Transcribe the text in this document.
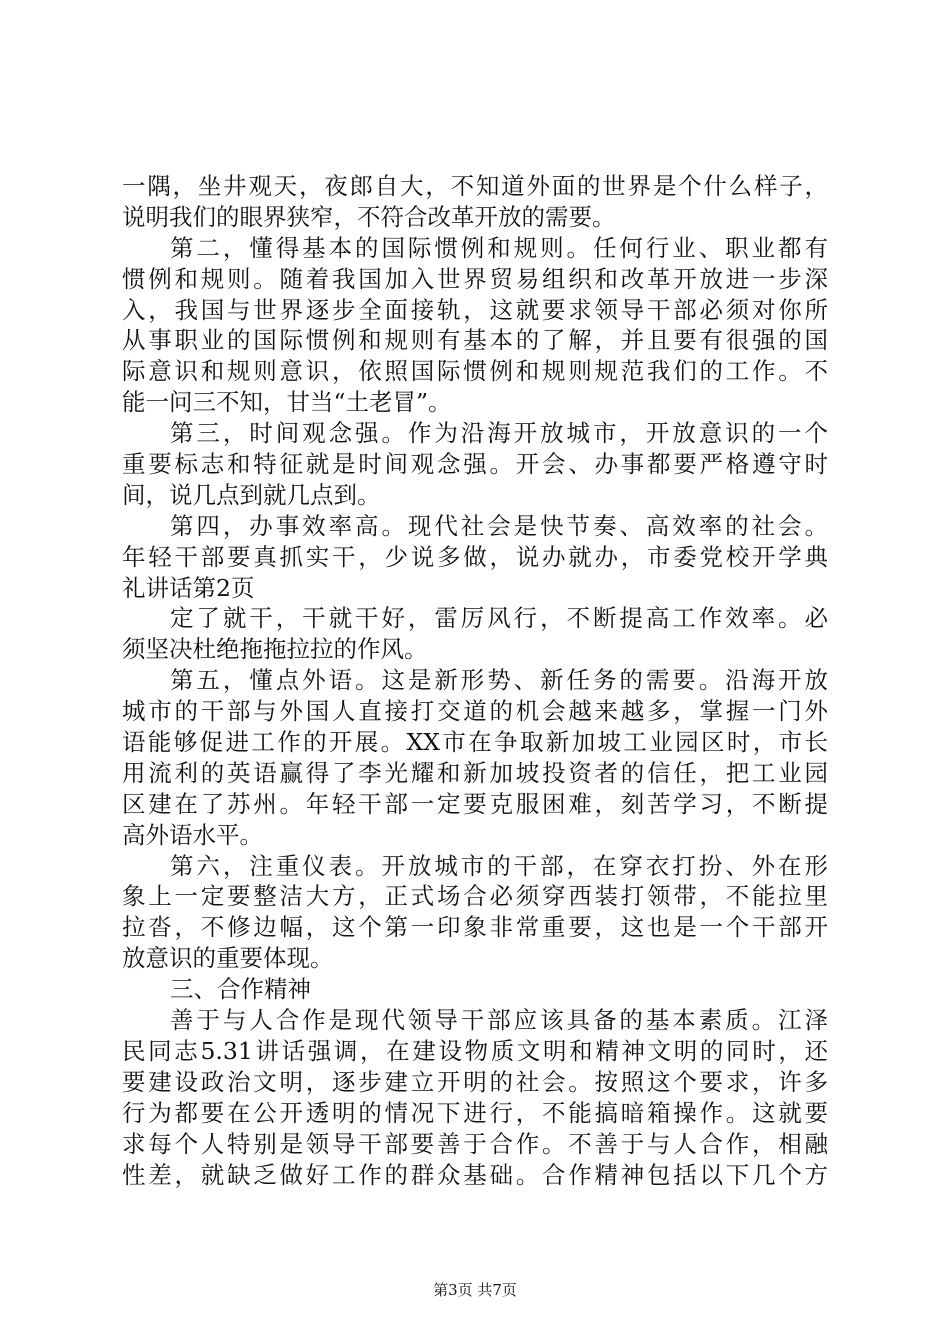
一隅，坐井观天，夜郎自大，不知道外面的世界是个什么样子，
说明我们的眼界狭窄，不符合改革开放的需要。
第二，懂得基本的国际惯例和规则。任何行业、职业都有
惯例和规则。随着我国加入世界贸易组织和改革开放进一步深
入，我国与世界逐步全面接轨，这就要求领导干部必须对你所
从事职业的国际惯例和规则有基本的了解，并且要有很强的国
际意识和规则意识，依照国际惯例和规则规范我们的工作。不
能一问三不知，甘当“土老冒”。
第三，时间观念强。作为沿海开放城市，开放意识的一个
重要标志和特征就是时间观念强。开会、办事都要严格遵守时
间，说几点到就几点到。
第四，办事效率高。现代社会是快节奏、高效率的社会。
年轻干部要真抓实干，少说多做，说办就办，市委党校开学典
礼讲话第2页
定了就干，干就干好，雷厉风行，不断提高工作效率。必
须坚决杜绝拖拖拉拉的作风。
第五，懂点外语。这是新形势、新任务的需要。沿海开放
城市的干部与外国人直接打交道的机会越来越多，掌握一门外
语能够促进工作的开展。XX市在争取新加坡工业园区时，市长
用流利的英语赢得了李光耀和新加坡投资者的信任，把工业园
区建在了苏州。年轻干部一定要克服困难，刻苦学习，不断提
高外语水平。
第六，注重仪表。开放城市的干部，在穿衣打扮、外在形
象上一定要整洁大方，正式场合必须穿西装打领带，不能拉里
拉沓，不修边幅，这个第一印象非常重要，这也是一个干部开
放意识的重要体现。
三、合作精神
善于与人合作是现代领导干部应该具备的基本素质。江泽
民同志5.31讲话强调，在建设物质文明和精神文明的同时，还
要建设政治文明，逐步建立开明的社会。按照这个要求，许多
行为都要在公开透明的情况下进行，不能搞暗箱操作。这就要
求每个人特别是领导干部要善于合作。不善于与人合作，相融
性差，就缺乏做好工作的群众基础。合作精神包括以下几个方
第3页 共7页
